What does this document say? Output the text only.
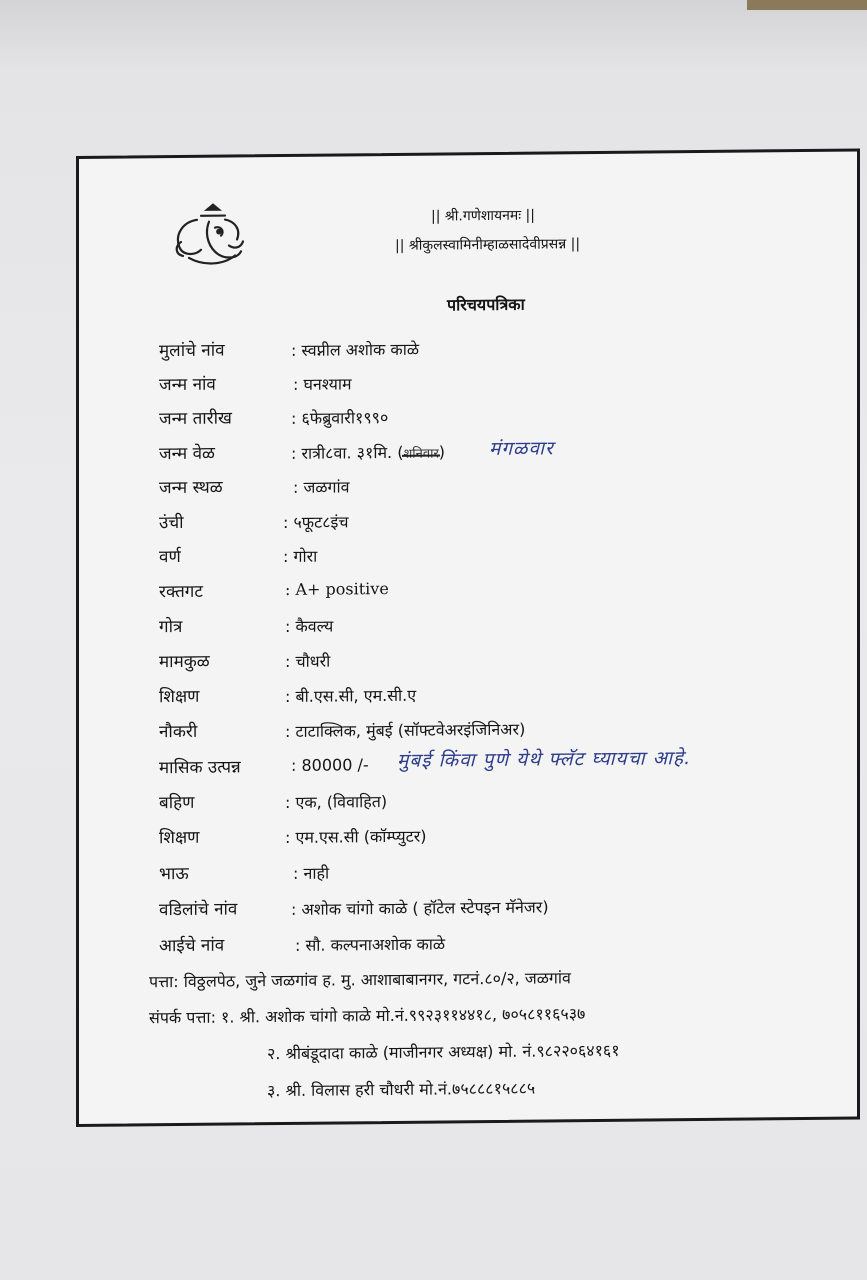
|| श्री.गणेशायनमः ||
|| श्रीकुलस्वामिनीम्हाळसादेवीप्रसन्न ||
परिचयपत्रिका
मुलांचे नांव	: स्वप्नील अशोक काळे
जन्म नांव	: घनश्याम
जन्म तारीख	: ६फेब्रुवारी१९९०
जन्म वेळ	: रात्री८वा. ३१मि. (शनिवार) मंगळवार
जन्म स्थळ	: जळगांव
उंची	: ५फूट८इंच
वर्ण	: गोरा
रक्तगट	: A+ positive
गोत्र	: कैवल्य
मामकुळ	: चौधरी
शिक्षण	: बी.एस.सी, एम.सी.ए
नौकरी	: टाटाक्लिक, मुंबई (सॉफ्टवेअरइंजिनिअर)
मासिक उत्पन्न	: 80000 /- मुंबई किंवा पुणे येथे फ्लॅट घ्यायचा आहे.
बहिण	: एक, (विवाहित)
शिक्षण	: एम.एस.सी (कॉम्प्युटर)
भाऊ	: नाही
वडिलांचे नांव	: अशोक चांगो काळे ( हॉटेल स्टेपइन मॅनेजर)
आईचे नांव	: सौ. कल्पनाअशोक काळे
पत्ता: विठ्ठलपेठ, जुने जळगांव ह. मु. आशाबाबानगर, गटनं.८०/२, जळगांव
संपर्क पत्ता: १. श्री. अशोक चांगो काळे मो.नं.९९२३११४४१८, ७०५८११६५३७
२. श्रीबंडूदादा काळे (माजीनगर अध्यक्ष) मो. नं.९८२२०६४१६१
३. श्री. विलास हरी चौधरी मो.नं.७५८८८१५८८५
